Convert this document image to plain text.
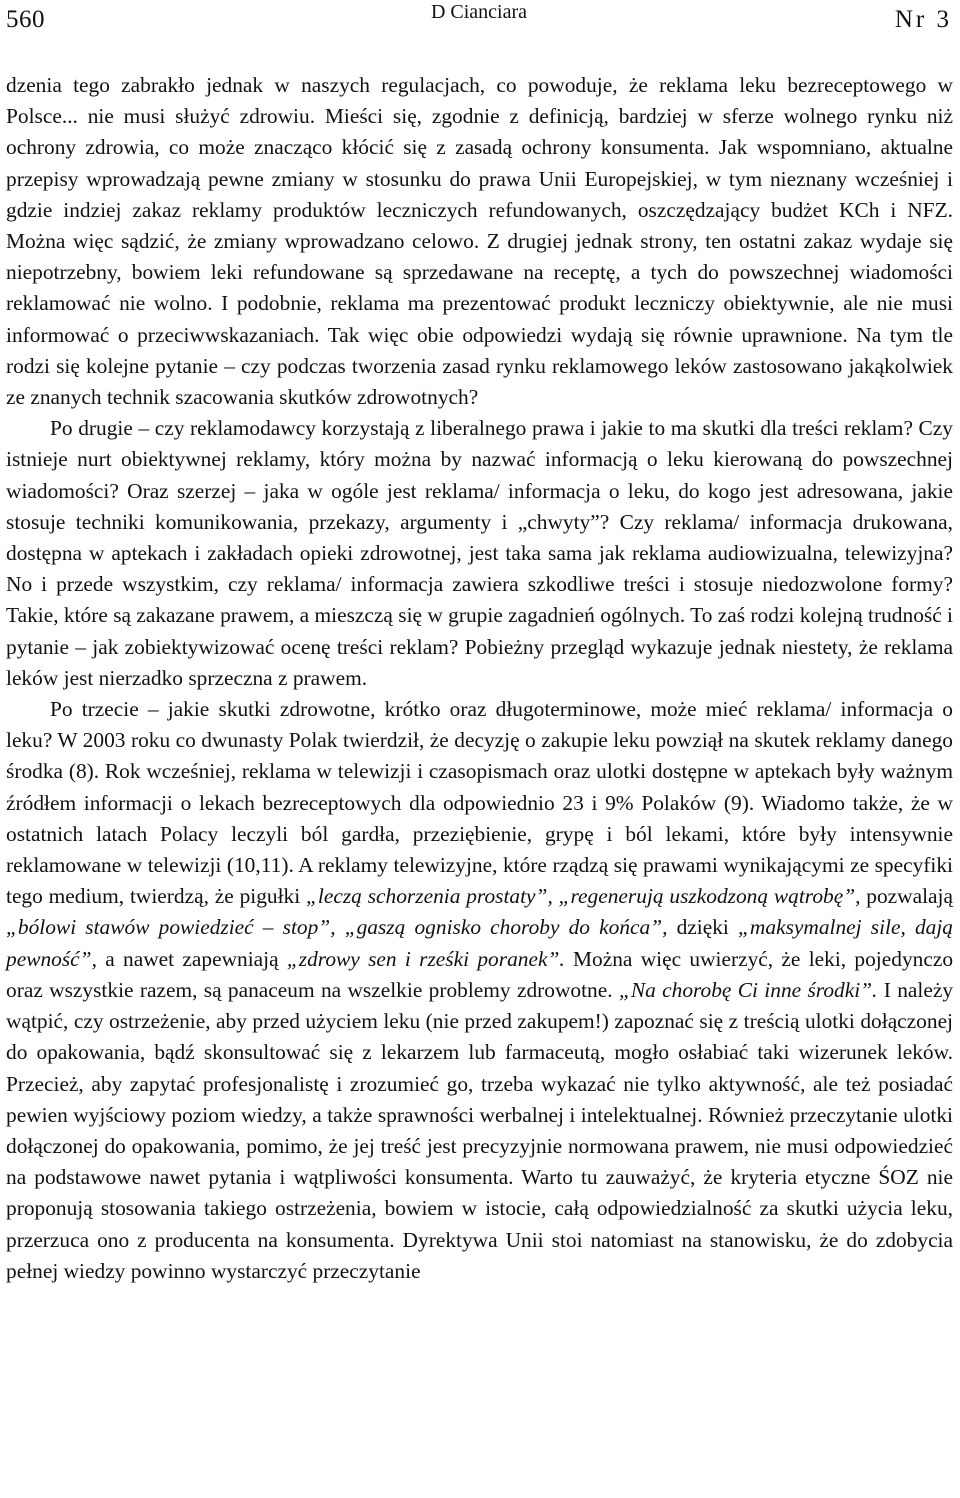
560	D Cianciara	Nr 3

dzenia tego zabrakło jednak w naszych regulacjach, co powoduje, że reklama leku bezreceptowego w Polsce... nie musi służyć zdrowiu. Mieści się, zgodnie z definicją, bardziej w sferze wolnego rynku niż ochrony zdrowia, co może znacząco kłócić się z zasadą ochrony konsumenta. Jak wspomniano, aktualne przepisy wprowadzają pewne zmiany w stosunku do prawa Unii Europejskiej, w tym nieznany wcześniej i gdzie indziej zakaz reklamy produktów leczniczych refundowanych, oszczędzający budżet KCh i NFZ. Można więc sądzić, że zmiany wprowadzano celowo. Z drugiej jednak strony, ten ostatni zakaz wydaje się niepotrzebny, bowiem leki refundowane są sprzedawane na receptę, a tych do powszechnej wiadomości reklamować nie wolno. I podobnie, reklama ma prezentować produkt leczniczy obiektywnie, ale nie musi informować o przeciwwskazaniach. Tak więc obie odpowiedzi wydają się równie uprawnione. Na tym tle rodzi się kolejne pytanie – czy podczas tworzenia zasad rynku reklamowego leków zastosowano jakąkolwiek ze znanych technik szacowania skutków zdrowotnych?

Po drugie – czy reklamodawcy korzystają z liberalnego prawa i jakie to ma skutki dla treści reklam? Czy istnieje nurt obiektywnej reklamy, który można by nazwać informacją o leku kierowaną do powszechnej wiadomości? Oraz szerzej – jaka w ogóle jest reklama/ informacja o leku, do kogo jest adresowana, jakie stosuje techniki komunikowania, przekazy, argumenty i „chwyty”? Czy reklama/ informacja drukowana, dostępna w aptekach i zakładach opieki zdrowotnej, jest taka sama jak reklama audiowizualna, telewizyjna? No i przede wszystkim, czy reklama/ informacja zawiera szkodliwe treści i stosuje niedozwolone formy? Takie, które są zakazane prawem, a mieszczą się w grupie zagadnień ogólnych. To zaś rodzi kolejną trudność i pytanie – jak zobiektywizować ocenę treści reklam? Pobieżny przegląd wykazuje jednak niestety, że reklama leków jest nierzadko sprzeczna z prawem.

Po trzecie – jakie skutki zdrowotne, krótko oraz długoterminowe, może mieć reklama/ informacja o leku? W 2003 roku co dwunasty Polak twierdził, że decyzję o zakupie leku powziął na skutek reklamy danego środka (8). Rok wcześniej, reklama w telewizji i czasopismach oraz ulotki dostępne w aptekach były ważnym źródłem informacji o lekach bezreceptowych dla odpowiednio 23 i 9% Polaków (9). Wiadomo także, że w ostatnich latach Polacy leczyli ból gardła, przeziębienie, grypę i ból lekami, które były intensywnie reklamowane w telewizji (10,11). A reklamy telewizyjne, które rządzą się prawami wynikającymi ze specyfiki tego medium, twierdzą, że pigułki „leczą schorzenia prostaty”, „regenerują uszkodzoną wątrobę”, pozwalają „bólowi stawów powiedzieć – stop”, „gaszą ognisko choroby do końca”, dzięki „maksymalnej sile, dają pewność”, a nawet zapewniają „zdrowy sen i rześki poranek”. Można więc uwierzyć, że leki, pojedynczo oraz wszystkie razem, są panaceum na wszelkie problemy zdrowotne. „Na chorobę Ci inne środki”. I należy wątpić, czy ostrzeżenie, aby przed użyciem leku (nie przed zakupem!) zapoznać się z treścią ulotki dołączonej do opakowania, bądź skonsultować się z lekarzem lub farmaceutą, mogło osłabiać taki wizerunek leków. Przecież, aby zapytać profesjonalistę i zrozumieć go, trzeba wykazać nie tylko aktywność, ale też posiadać pewien wyjściowy poziom wiedzy, a także sprawności werbalnej i intelektualnej. Również przeczytanie ulotki dołączonej do opakowania, pomimo, że jej treść jest precyzyjnie normowana prawem, nie musi odpowiedzieć na podstawowe nawet pytania i wątpliwości konsumenta. Warto tu zauważyć, że kryteria etyczne ŚOZ nie proponują stosowania takiego ostrzeżenia, bowiem w istocie, całą odpowiedzialność za skutki użycia leku, przerzuca ono z producenta na konsumenta. Dyrektywa Unii stoi natomiast na stanowisku, że do zdobycia pełnej wiedzy powinno wystarczyć przeczytanie
